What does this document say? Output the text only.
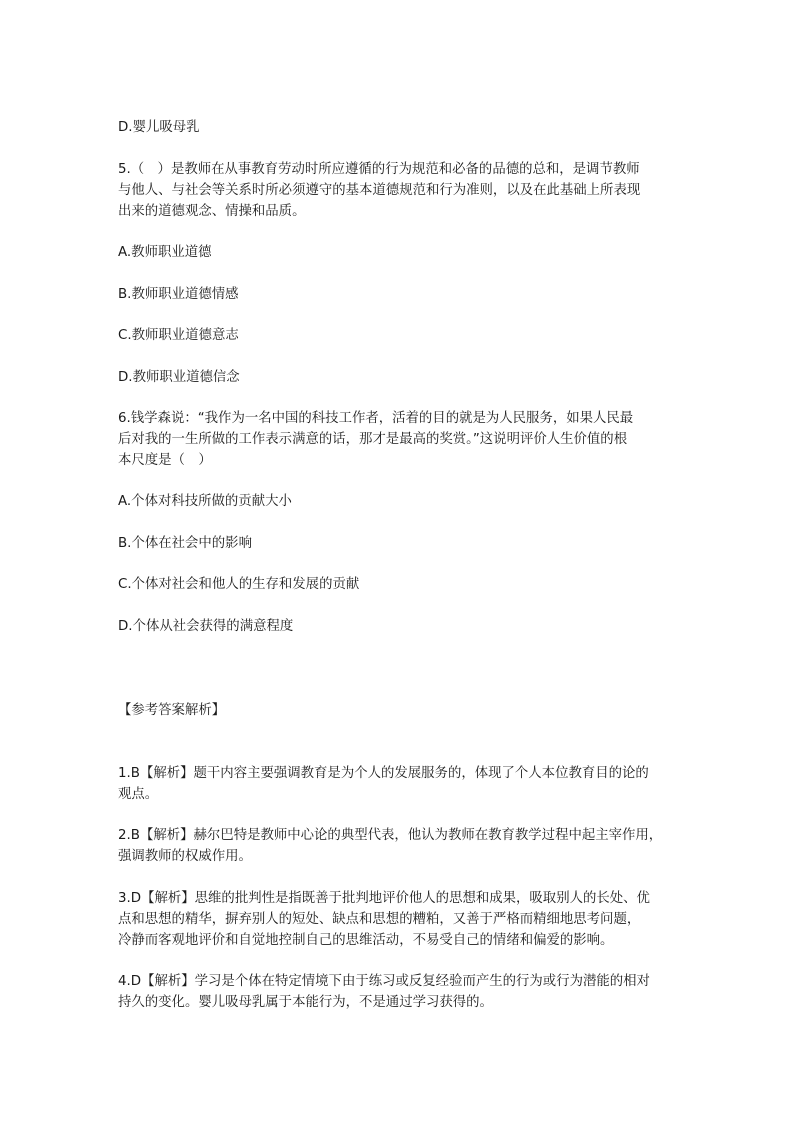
D.婴儿吸母乳
5.（　）是教师在从事教育劳动时所应遵循的行为规范和必备的品德的总和，是调节教师
与他人、与社会等关系时所必须遵守的基本道德规范和行为准则，以及在此基础上所表现
出来的道德观念、情操和品质。
A.教师职业道德
B.教师职业道德情感
C.教师职业道德意志
D.教师职业道德信念
6.钱学森说：“我作为一名中国的科技工作者，活着的目的就是为人民服务，如果人民最
后对我的一生所做的工作表示满意的话，那才是最高的奖赏。”这说明评价人生价值的根
本尺度是（　）
A.个体对科技所做的贡献大小
B.个体在社会中的影响
C.个体对社会和他人的生存和发展的贡献
D.个体从社会获得的满意程度
【参考答案解析】
1.B【解析】题干内容主要强调教育是为个人的发展服务的，体现了个人本位教育目的论的
观点。
2.B【解析】赫尔巴特是教师中心论的典型代表，他认为教师在教育教学过程中起主宰作用，
强调教师的权威作用。
3.D【解析】思维的批判性是指既善于批判地评价他人的思想和成果，吸取别人的长处、优
点和思想的精华，摒弃别人的短处、缺点和思想的糟粕，又善于严格而精细地思考问题，
冷静而客观地评价和自觉地控制自己的思维活动，不易受自己的情绪和偏爱的影响。
4.D【解析】学习是个体在特定情境下由于练习或反复经验而产生的行为或行为潜能的相对
持久的变化。婴儿吸母乳属于本能行为，不是通过学习获得的。
